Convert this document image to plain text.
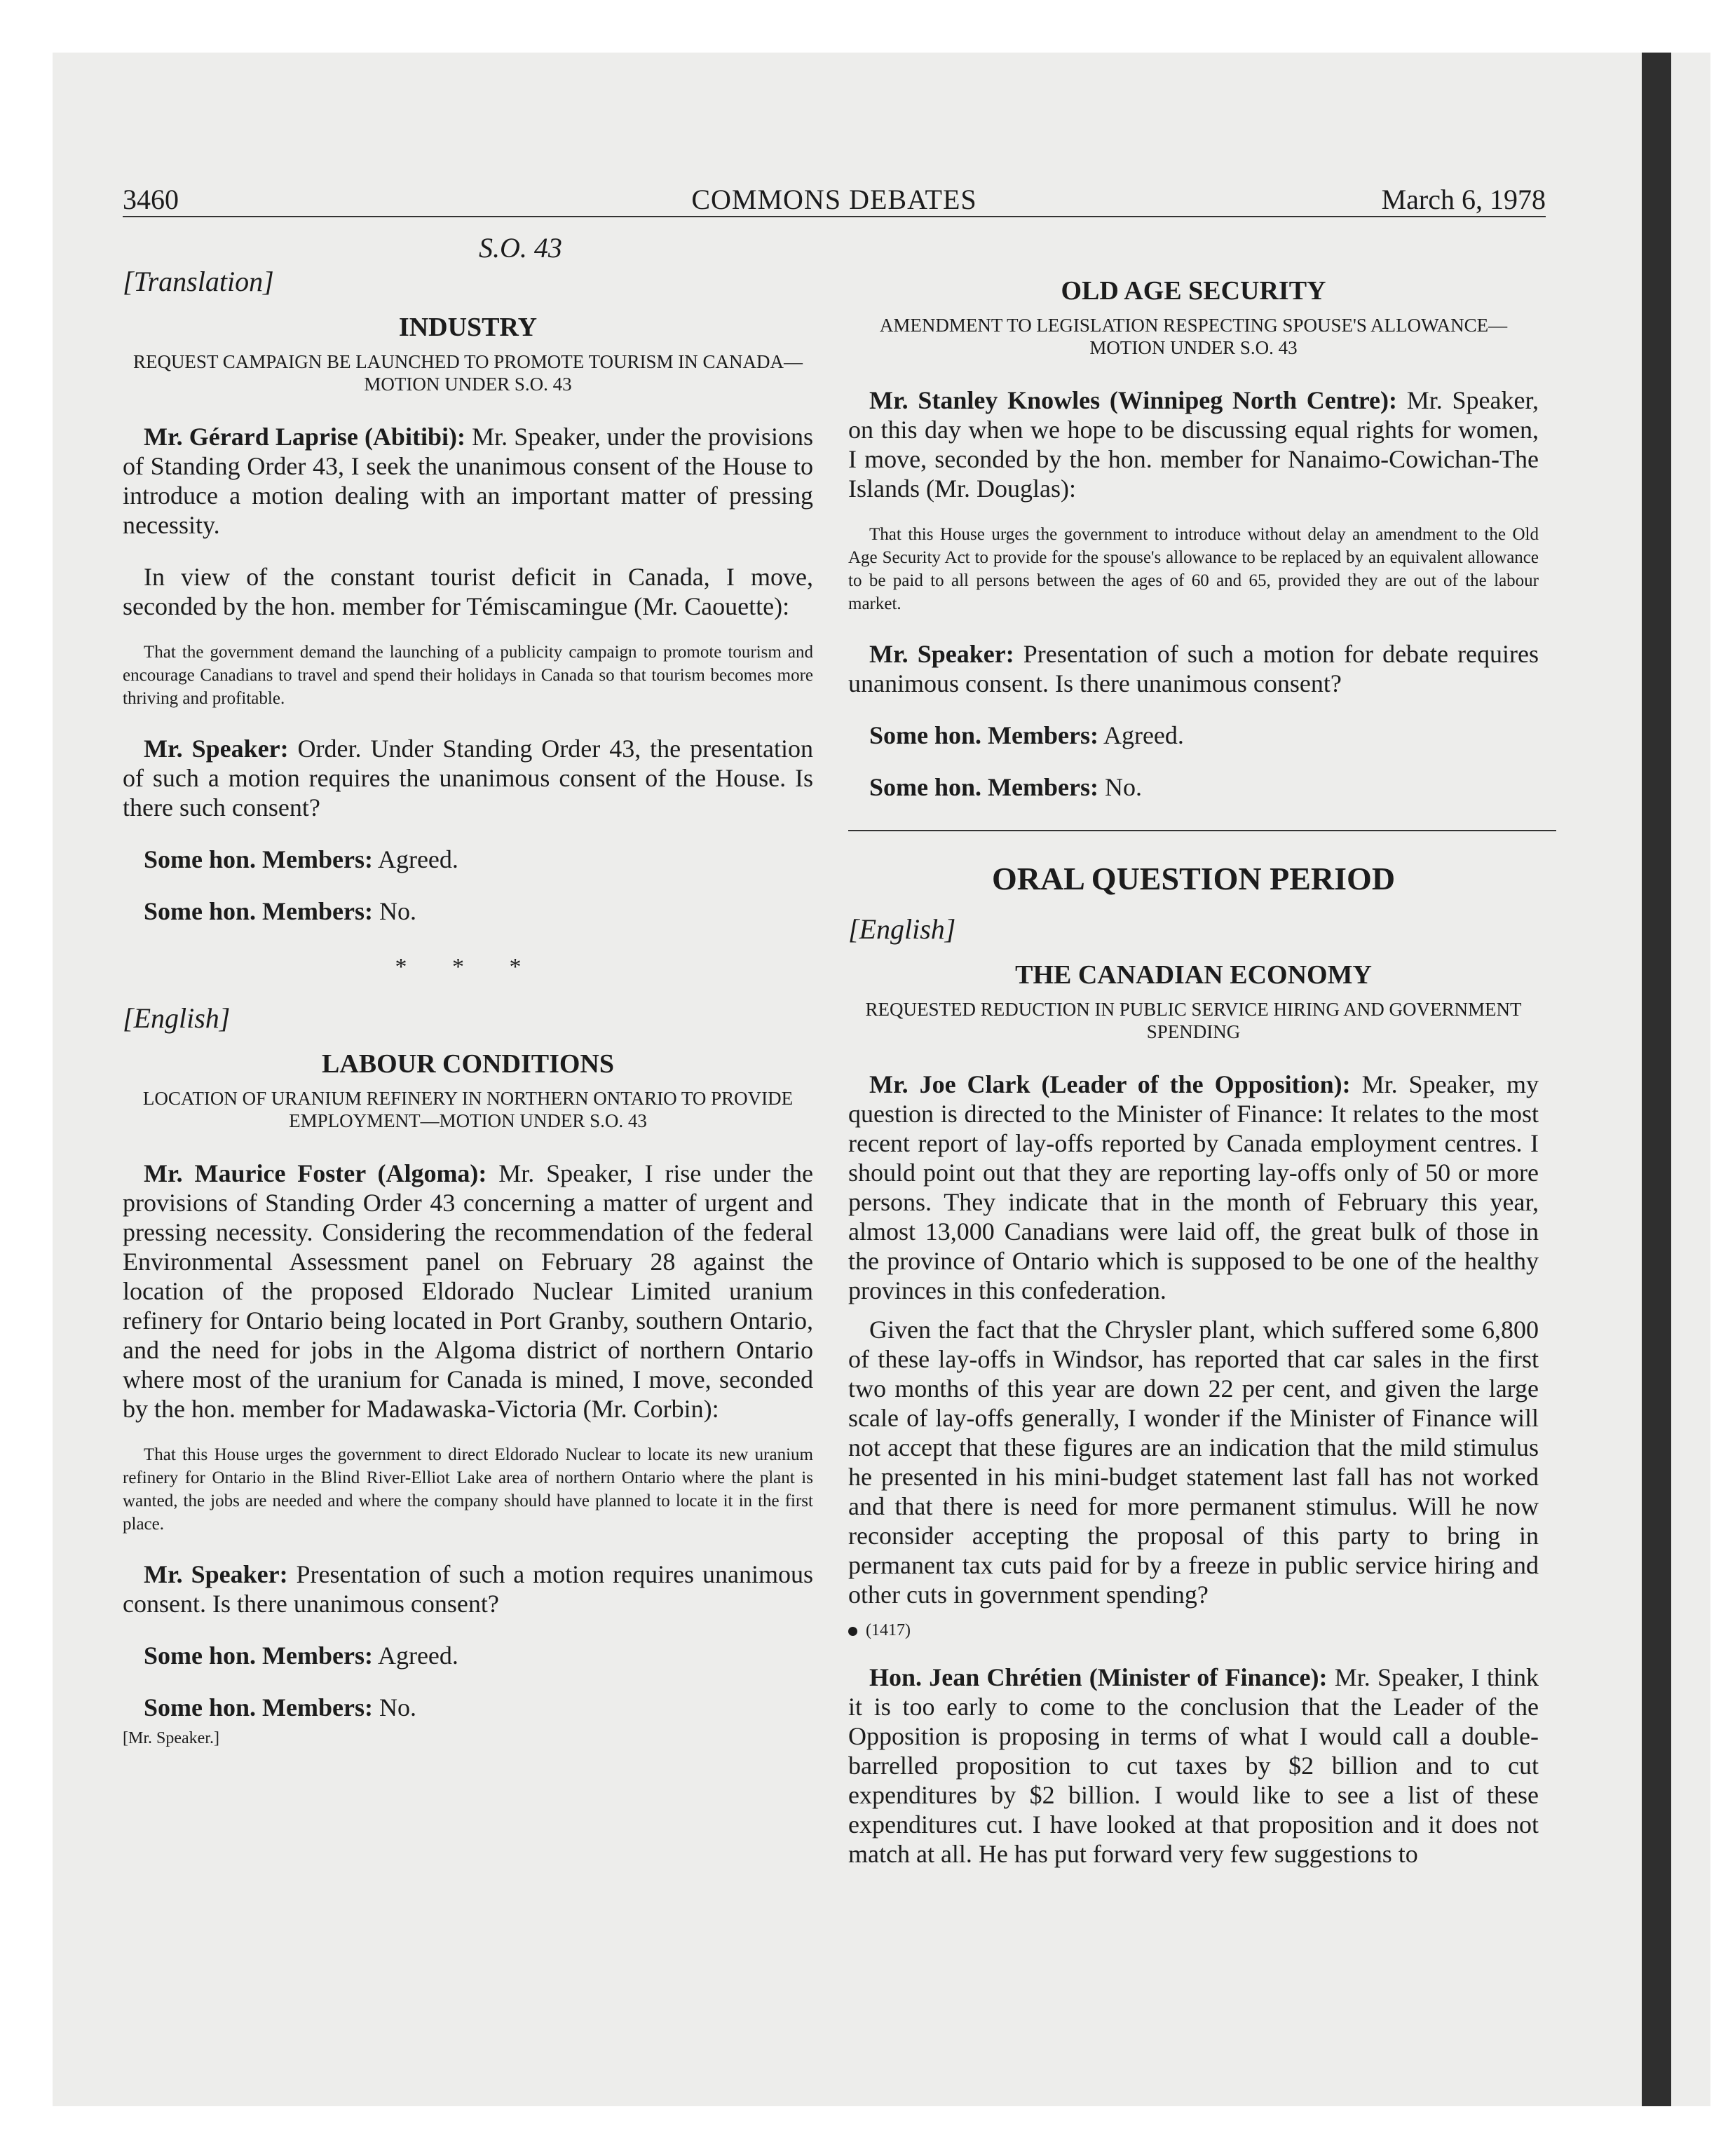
3460	COMMONS DEBATES	March 6, 1978

S.O. 43

[Translation]

INDUSTRY

REQUEST CAMPAIGN BE LAUNCHED TO PROMOTE TOURISM IN CANADA—MOTION UNDER S.O. 43

Mr. Gérard Laprise (Abitibi): Mr. Speaker, under the provisions of Standing Order 43, I seek the unanimous consent of the House to introduce a motion dealing with an important matter of pressing necessity.

In view of the constant tourist deficit in Canada, I move, seconded by the hon. member for Témiscamingue (Mr. Caouette):

That the government demand the launching of a publicity campaign to promote tourism and encourage Canadians to travel and spend their holidays in Canada so that tourism becomes more thriving and profitable.

Mr. Speaker: Order. Under Standing Order 43, the presentation of such a motion requires the unanimous consent of the House. Is there such consent?

Some hon. Members: Agreed.

Some hon. Members: No.

* * *

[English]

LABOUR CONDITIONS

LOCATION OF URANIUM REFINERY IN NORTHERN ONTARIO TO PROVIDE EMPLOYMENT—MOTION UNDER S.O. 43

Mr. Maurice Foster (Algoma): Mr. Speaker, I rise under the provisions of Standing Order 43 concerning a matter of urgent and pressing necessity. Considering the recommendation of the federal Environmental Assessment panel on February 28 against the location of the proposed Eldorado Nuclear Limited uranium refinery for Ontario being located in Port Granby, southern Ontario, and the need for jobs in the Algoma district of northern Ontario where most of the uranium for Canada is mined, I move, seconded by the hon. member for Madawaska-Victoria (Mr. Corbin):

That this House urges the government to direct Eldorado Nuclear to locate its new uranium refinery for Ontario in the Blind River-Elliot Lake area of northern Ontario where the plant is wanted, the jobs are needed and where the company should have planned to locate it in the first place.

Mr. Speaker: Presentation of such a motion requires unanimous consent. Is there unanimous consent?

Some hon. Members: Agreed.

Some hon. Members: No.

[Mr. Speaker.]

OLD AGE SECURITY

AMENDMENT TO LEGISLATION RESPECTING SPOUSE'S ALLOWANCE—MOTION UNDER S.O. 43

Mr. Stanley Knowles (Winnipeg North Centre): Mr. Speaker, on this day when we hope to be discussing equal rights for women, I move, seconded by the hon. member for Nanaimo-Cowichan-The Islands (Mr. Douglas):

That this House urges the government to introduce without delay an amendment to the Old Age Security Act to provide for the spouse's allowance to be replaced by an equivalent allowance to be paid to all persons between the ages of 60 and 65, provided they are out of the labour market.

Mr. Speaker: Presentation of such a motion for debate requires unanimous consent. Is there unanimous consent?

Some hon. Members: Agreed.

Some hon. Members: No.

ORAL QUESTION PERIOD

[English]

THE CANADIAN ECONOMY

REQUESTED REDUCTION IN PUBLIC SERVICE HIRING AND GOVERNMENT SPENDING

Mr. Joe Clark (Leader of the Opposition): Mr. Speaker, my question is directed to the Minister of Finance: It relates to the most recent report of lay-offs reported by Canada employment centres. I should point out that they are reporting lay-offs only of 50 or more persons. They indicate that in the month of February this year, almost 13,000 Canadians were laid off, the great bulk of those in the province of Ontario which is supposed to be one of the healthy provinces in this confederation.

Given the fact that the Chrysler plant, which suffered some 6,800 of these lay-offs in Windsor, has reported that car sales in the first two months of this year are down 22 per cent, and given the large scale of lay-offs generally, I wonder if the Minister of Finance will not accept that these figures are an indication that the mild stimulus he presented in his mini-budget statement last fall has not worked and that there is need for more permanent stimulus. Will he now reconsider accepting the proposal of this party to bring in permanent tax cuts paid for by a freeze in public service hiring and other cuts in government spending?

(1417)

Hon. Jean Chrétien (Minister of Finance): Mr. Speaker, I think it is too early to come to the conclusion that the Leader of the Opposition is proposing in terms of what I would call a double-barrelled proposition to cut taxes by $2 billion and to cut expenditures by $2 billion. I would like to see a list of these expenditures cut. I have looked at that proposition and it does not match at all. He has put forward very few suggestions to
